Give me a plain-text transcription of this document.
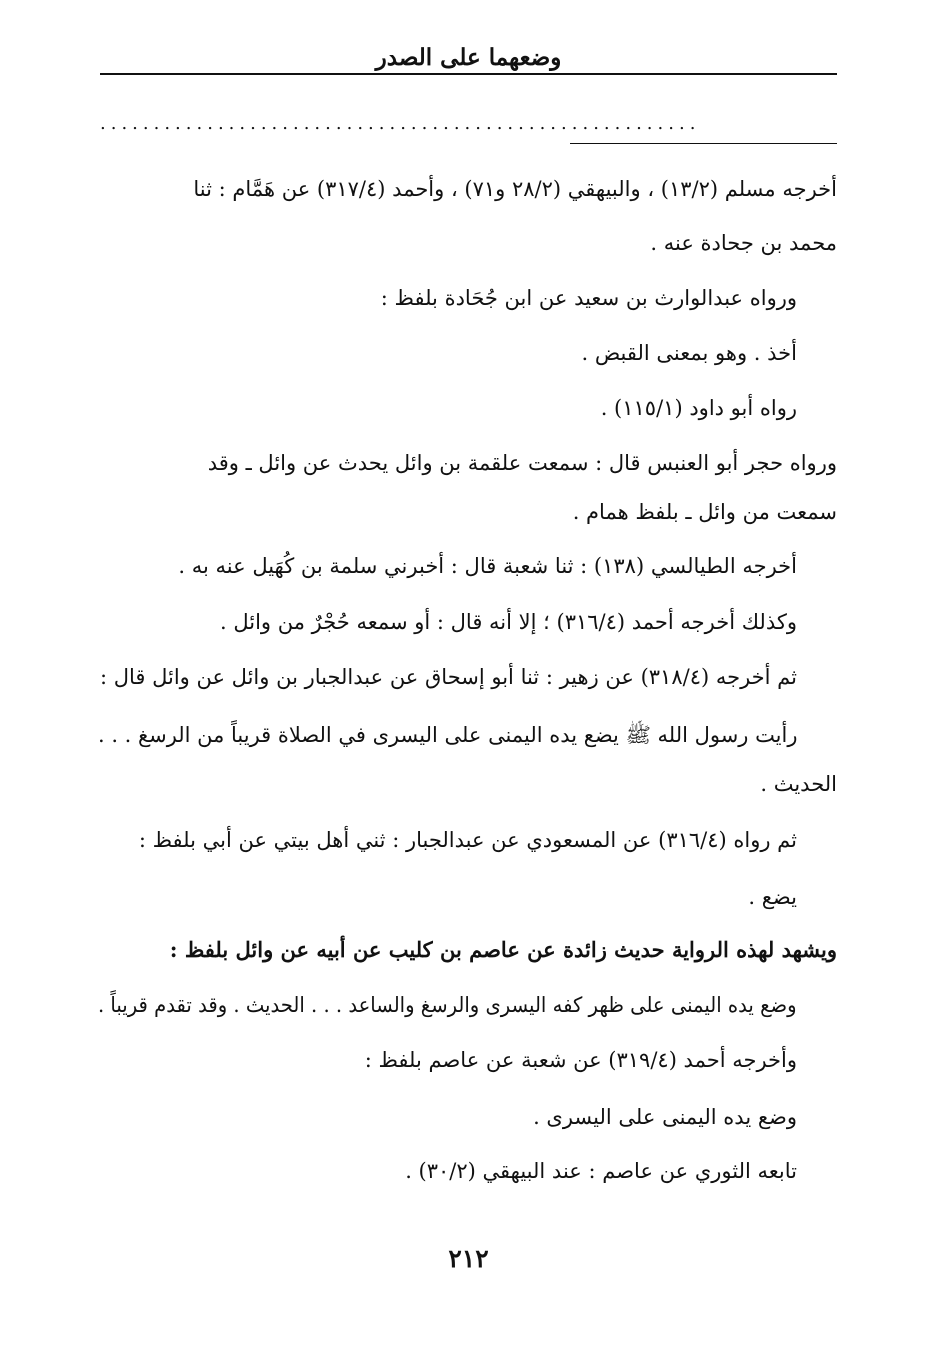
وضعهما على الصدر
........................................................
أخرجه مسلم (١٣/٢) ، والبيهقي (٢٨/٢ و٧١) ، وأحمد (٣١٧/٤) عن هَمَّام : ثنا
محمد بن جحادة عنه .
ورواه عبدالوارث بن سعيد عن ابن جُحَادة بلفظ :
أخذ . وهو بمعنى القبض .
رواه أبو داود (١١٥/١) .
ورواه حجر أبو العنبس قال : سمعت علقمة بن وائل يحدث عن وائل ـ وقد
سمعت من وائل ـ بلفظ همام .
أخرجه الطيالسي (١٣٨) : ثنا شعبة قال : أخبرني سلمة بن كُهَيل عنه به .
وكذلك أخرجه أحمد (٣١٦/٤) ؛ إلا أنه قال : أو سمعه حُجْرٌ من وائل .
ثم أخرجه (٣١٨/٤) عن زهير : ثنا أبو إسحاق عن عبدالجبار بن وائل عن وائل قال :
رأيت رسول الله ﷺ يضع يده اليمنى على اليسرى في الصلاة قريباً من الرسغ . . .
الحديث .
ثم رواه (٣١٦/٤) عن المسعودي عن عبدالجبار : ثني أهل بيتي عن أبي بلفظ :
يضع .
ويشهد لهذه الرواية حديث زائدة عن عاصم بن كليب عن أبيه عن وائل بلفظ :
وضع يده اليمنى على ظهر كفه اليسرى والرسغ والساعد . . . الحديث . وقد تقدم قريباً .
وأخرجه أحمد (٣١٩/٤) عن شعبة عن عاصم بلفظ :
وضع يده اليمنى على اليسرى .
تابعه الثوري عن عاصم : عند البيهقي (٣٠/٢) .
٢١٢
